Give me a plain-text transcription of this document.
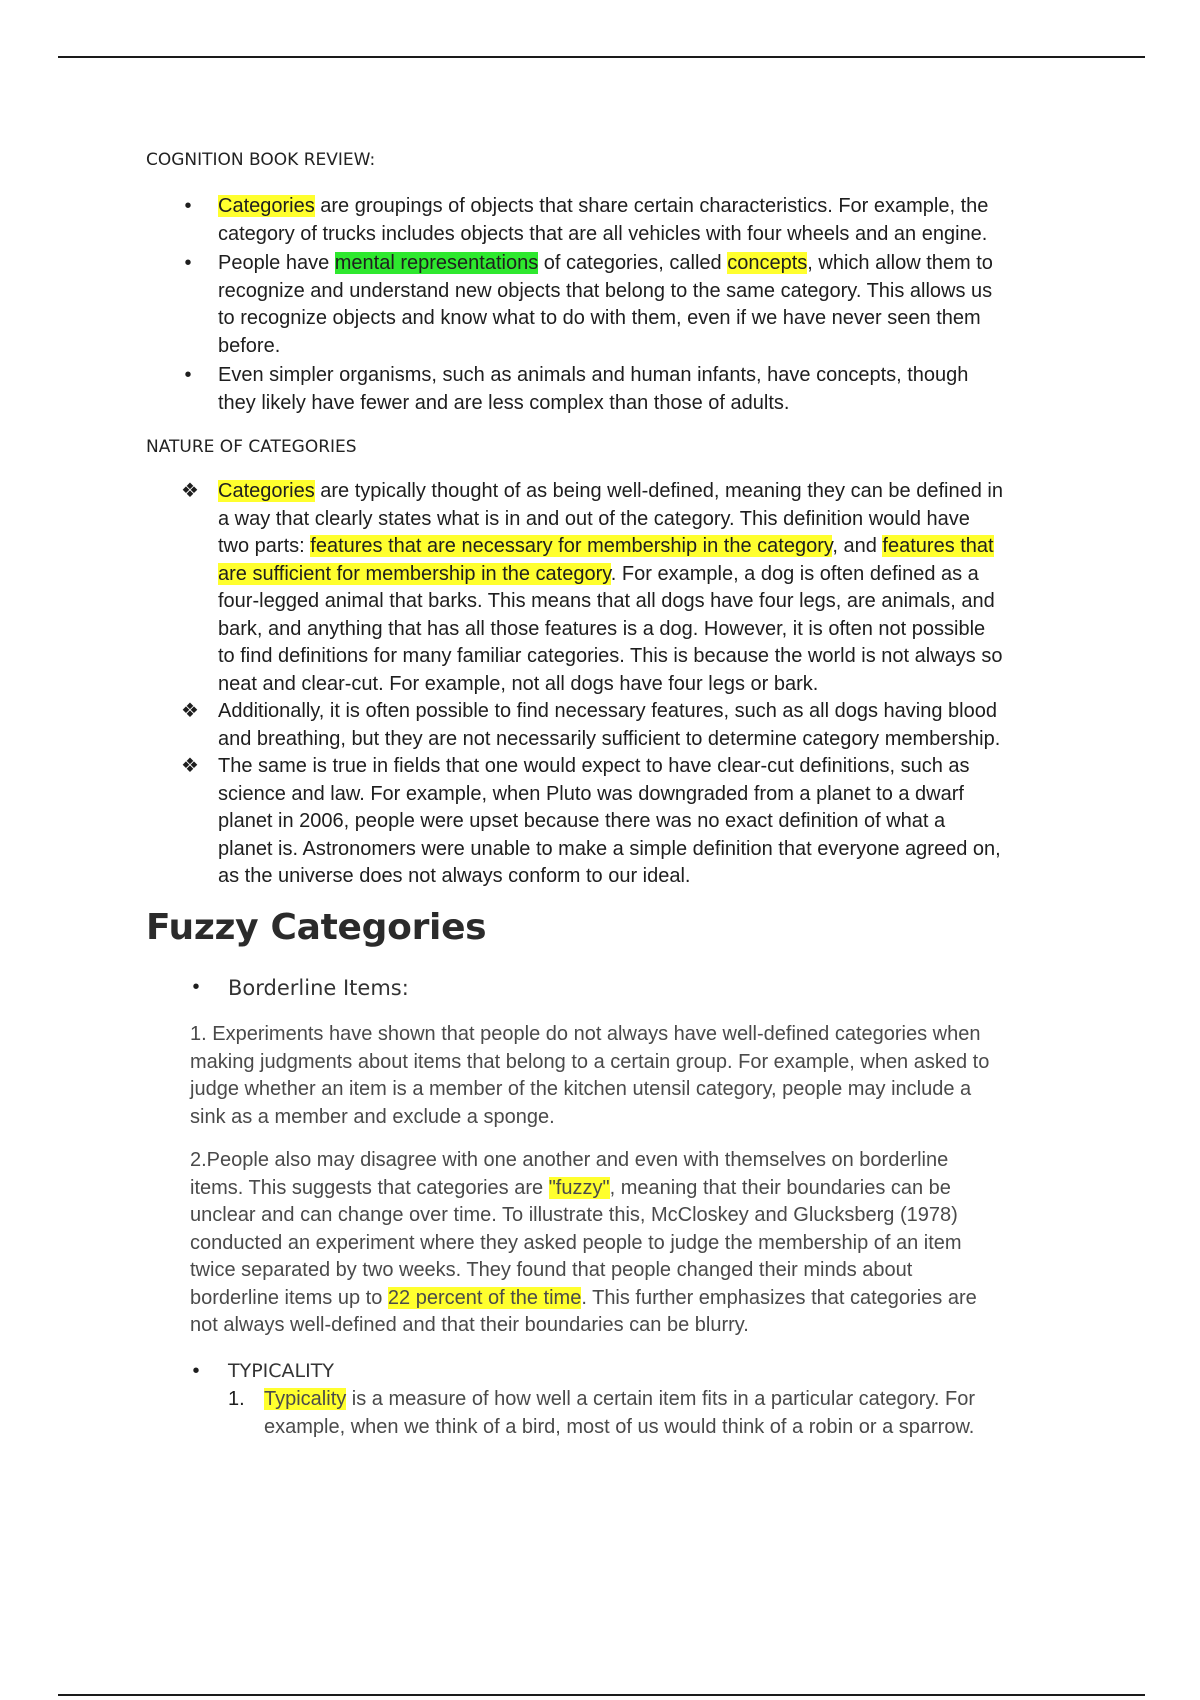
COGNITION BOOK REVIEW:
•	Categories are groupings of objects that share certain characteristics. For example, the
category of trucks includes objects that are all vehicles with four wheels and an engine.
•	People have mental representations of categories, called concepts, which allow them to
recognize and understand new objects that belong to the same category. This allows us
to recognize objects and know what to do with them, even if we have never seen them
before.
•	Even simpler organisms, such as animals and human infants, have concepts, though
they likely have fewer and are less complex than those of adults.
NATURE OF CATEGORIES
❖ Categories are typically thought of as being well-defined, meaning they can be defined in
a way that clearly states what is in and out of the category. This definition would have
two parts: features that are necessary for membership in the category, and features that
are sufficient for membership in the category. For example, a dog is often defined as a
four-legged animal that barks. This means that all dogs have four legs, are animals, and
bark, and anything that has all those features is a dog. However, it is often not possible
to find definitions for many familiar categories. This is because the world is not always so
neat and clear-cut. For example, not all dogs have four legs or bark.
❖ Additionally, it is often possible to find necessary features, such as all dogs having blood
and breathing, but they are not necessarily sufficient to determine category membership.
❖ The same is true in fields that one would expect to have clear-cut definitions, such as
science and law. For example, when Pluto was downgraded from a planet to a dwarf
planet in 2006, people were upset because there was no exact definition of what a
planet is. Astronomers were unable to make a simple definition that everyone agreed on,
as the universe does not always conform to our ideal.
Fuzzy Categories
•	Borderline Items:
1. Experiments have shown that people do not always have well-defined categories when
making judgments about items that belong to a certain group. For example, when asked to
judge whether an item is a member of the kitchen utensil category, people may include a
sink as a member and exclude a sponge.
2.People also may disagree with one another and even with themselves on borderline
items. This suggests that categories are "fuzzy", meaning that their boundaries can be
unclear and can change over time. To illustrate this, McCloskey and Glucksberg (1978)
conducted an experiment where they asked people to judge the membership of an item
twice separated by two weeks. They found that people changed their minds about
borderline items up to 22 percent of the time. This further emphasizes that categories are
not always well-defined and that their boundaries can be blurry.
•	TYPICALITY
1. Typicality is a measure of how well a certain item fits in a particular category. For
example, when we think of a bird, most of us would think of a robin or a sparrow.
